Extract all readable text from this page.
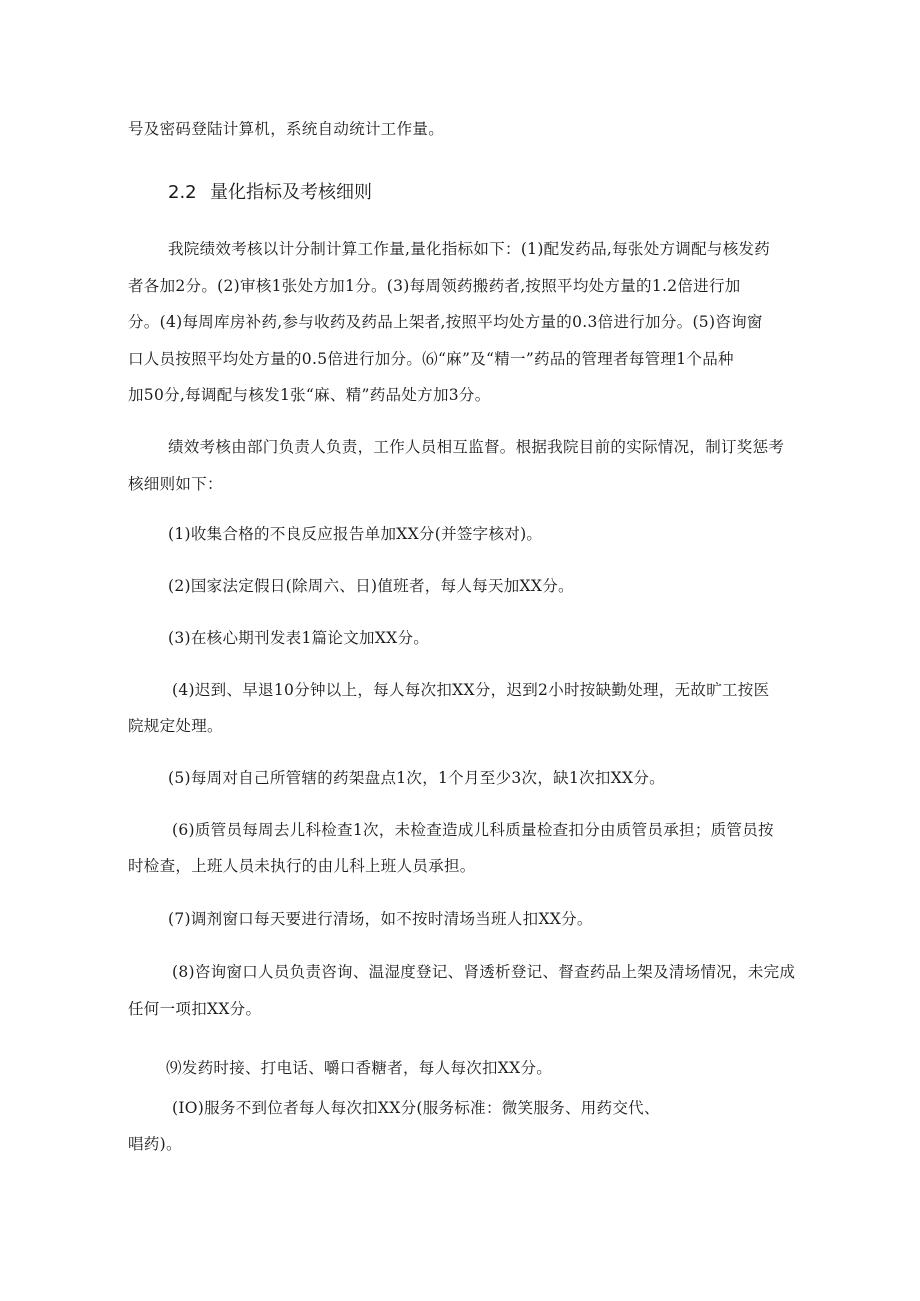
号及密码登陆计算机，系统自动统计工作量。
2.2 量化指标及考核细则
我院绩效考核以计分制计算工作量,量化指标如下：(1)配发药品,每张处方调配与核发药
者各加2分。(2)审核1张处方加1分。(3)每周领药搬药者,按照平均处方量的1.2倍进行加
分。(4)每周库房补药,参与收药及药品上架者,按照平均处方量的0.3倍进行加分。(5)咨询窗
口人员按照平均处方量的0.5倍进行加分。⑹“麻”及“精一”药品的管理者每管理1个品种
加50分,每调配与核发1张“麻、精”药品处方加3分。
绩效考核由部门负责人负责，工作人员相互监督。根据我院目前的实际情况，制订奖惩考
核细则如下：
(1)收集合格的不良反应报告单加XX分(并签字核对)。
(2)国家法定假日(除周六、日)值班者，每人每天加XX分。
(3)在核心期刊发表1篇论文加XX分。
(4)迟到、早退10分钟以上，每人每次扣XX分，迟到2小时按缺勤处理，无故旷工按医
院规定处理。
(5)每周对自己所管辖的药架盘点1次，1个月至少3次，缺1次扣XX分。
(6)质管员每周去儿科检查1次，未检查造成儿科质量检查扣分由质管员承担；质管员按
时检查，上班人员未执行的由儿科上班人员承担。
(7)调剂窗口每天要进行清场，如不按时清场当班人扣XX分。
(8)咨询窗口人员负责咨询、温湿度登记、肾透析登记、督查药品上架及清场情况，未完成
任何一项扣XX分。
⑼发药时接、打电话、嚼口香糖者，每人每次扣XX分。
(IO)服务不到位者每人每次扣XX分(服务标准：微笑服务、用药交代、
唱药)。
